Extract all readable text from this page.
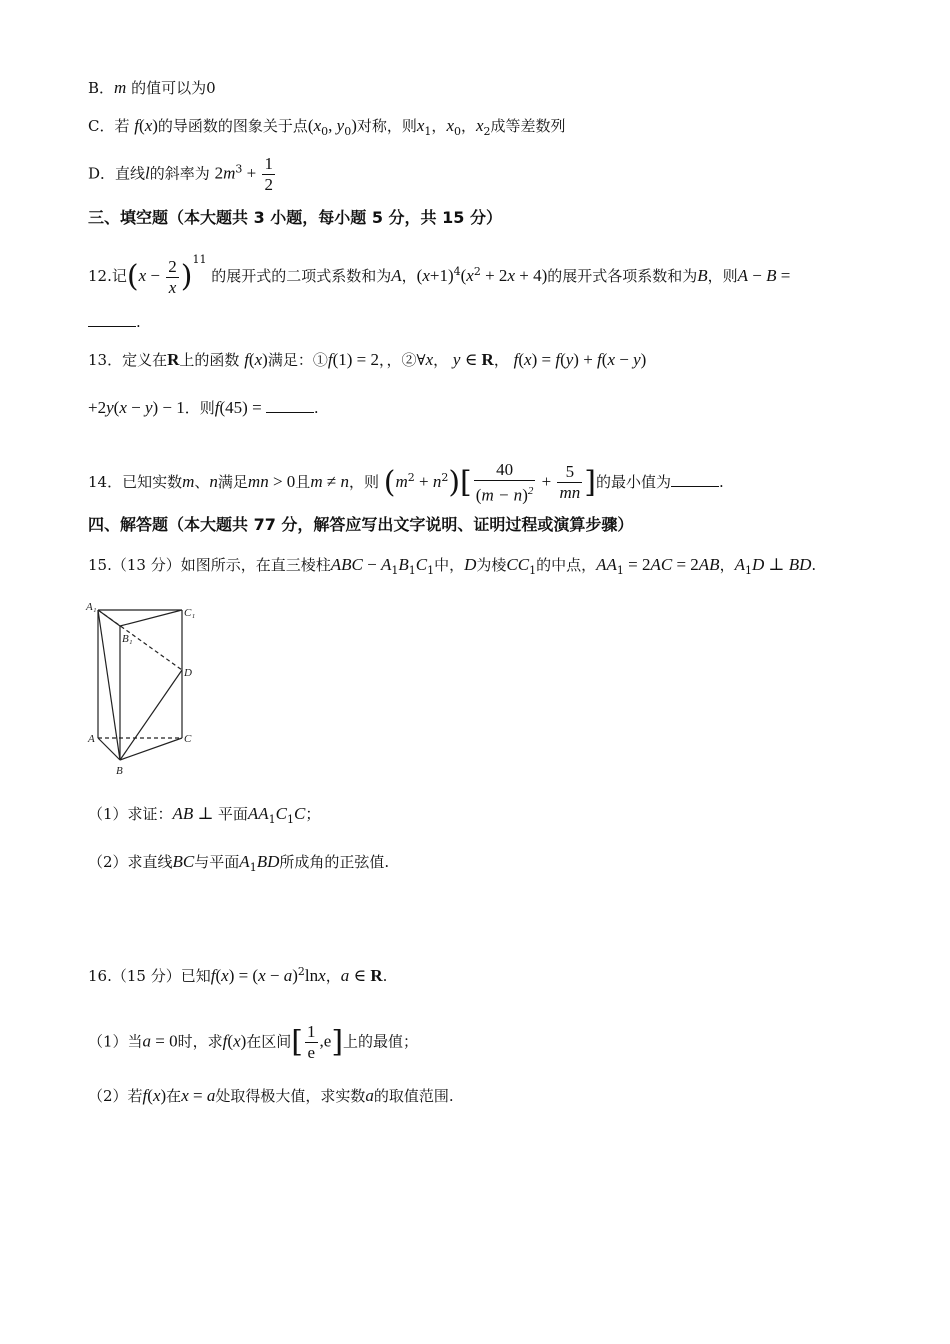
B．m 的值可以为0
C．若 f(x)的导函数的图象关于点($x_0$, $y_0$)对称，则$x_1$，$x_0$，$x_2$成等差数列
D．直线l的斜率为 $2m^3 + \frac{1}{2}$
三、填空题（本大题共 3 小题，每小题 5 分，共 15 分）
12.记$(x - \frac{2}{x} )^{11}$ 的展开式的二项式系数和为A，$(x+1)^4(x^2 + 2x + 4)$的展开式各项系数和为B，则A − B =
.
13．定义在R上的函数 f(x)满足：①f(1) = 2，，②∀x， y ∈ R， f(x) = f(y) + f(x − y)
+2y(x − y) − 1．则f(45) =	.
14．已知实数m、n满足mn > 0且m ≠ n，则 $(m^2 + n^2)[ \frac{40}{(m - n)^2} + \frac{5}{mn}$ ]的最小值为	.
四、解答题（本大题共 77 分，解答应写出文字说明、证明过程或演算步骤）
15.（13 分）如图所示，在直三棱柱ABC − $A_1B_1C_1$中，D为棱$CC_1$的中点，$AA_1 = 2AC = 2AB$，$A_1D$ ⊥ BD.
A₁	C₁
B₁
D
A	C
B
（1）求证：AB ⊥ 平面$AA_1C_1C$；
（2）求直线BC与平面$A_1BD$所成角的正弦值.
16.（15 分）已知$f(x) = (x - a)^2\ln x$，a ∈ R.
（1）当a = 0时，求f(x)在区间[ $\frac{1}{e} ,e$]上的最值；
（2）若f(x)在x = a处取得极大值，求实数a的取值范围.
